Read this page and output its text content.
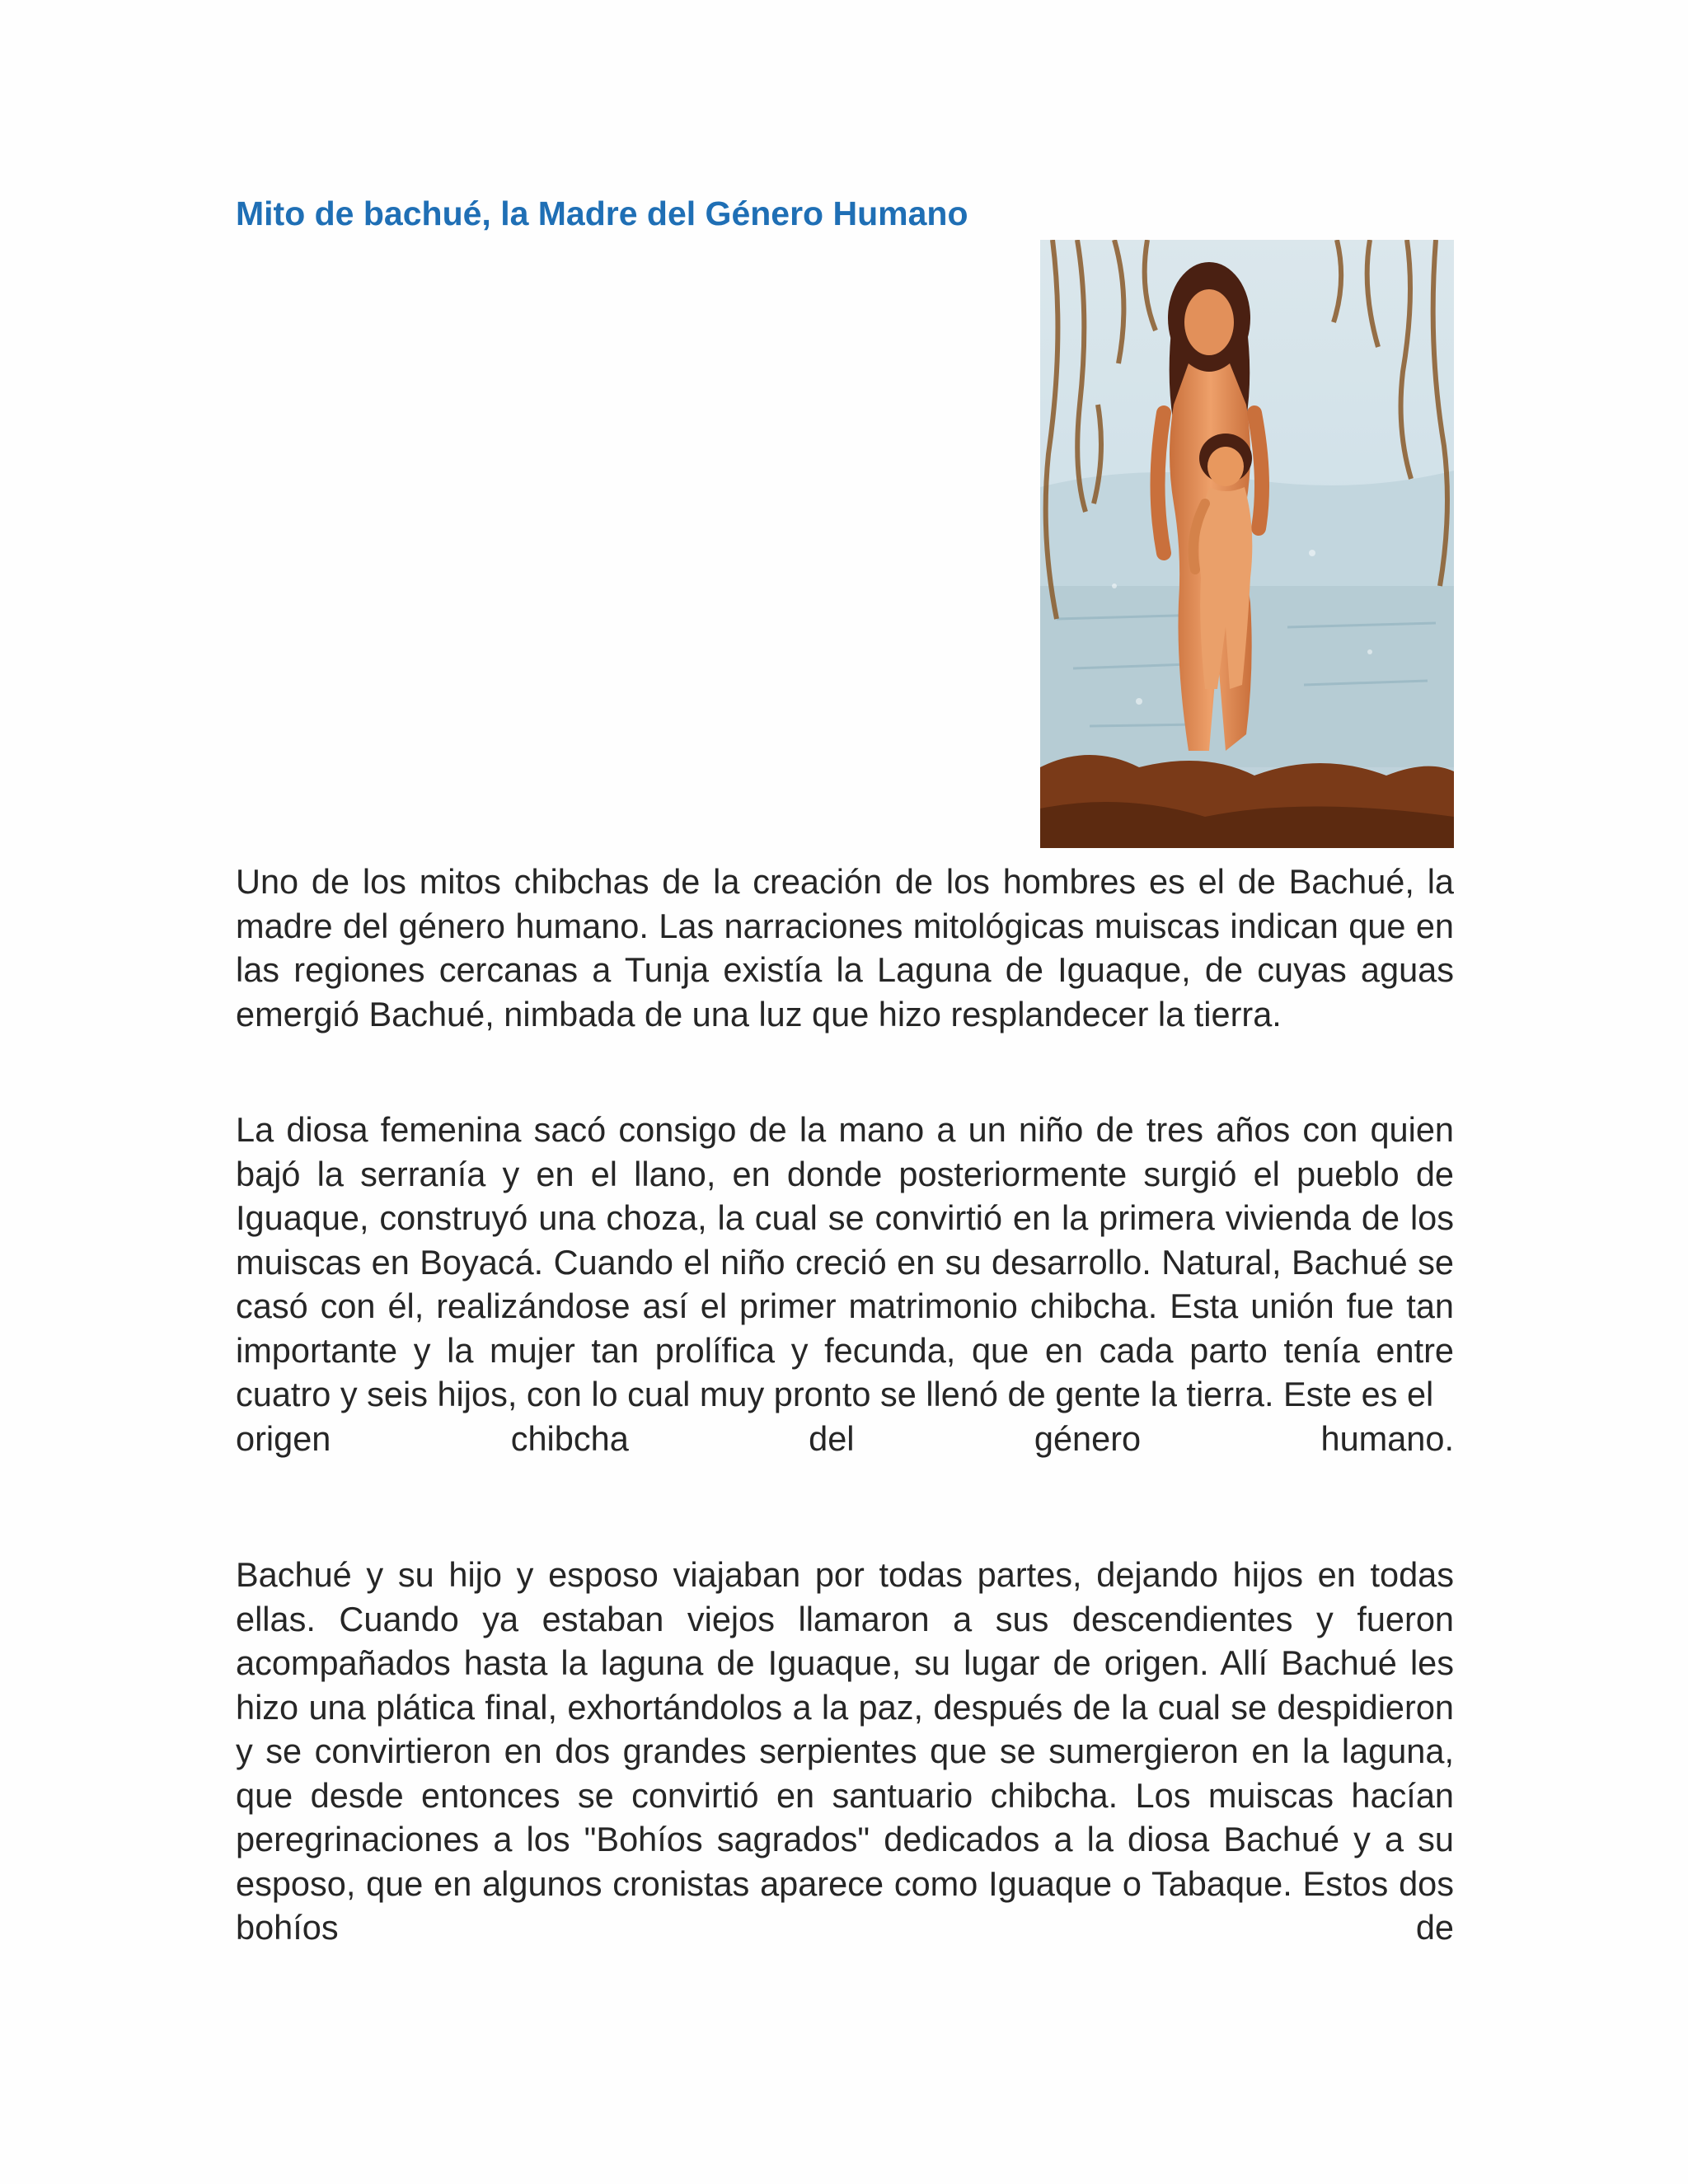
Mito de bachué, la Madre del Género Humano

Uno de los mitos chibchas de la creación de los hombres es el de Bachué, la madre del género humano. Las narraciones mitológicas muiscas indican que en las regiones cercanas a Tunja existía la Laguna de Iguaque, de cuyas aguas emergió Bachué, nimbada de una luz que hizo resplandecer la tierra.

La diosa femenina sacó consigo de la mano a un niño de tres años con quien bajó la serranía y en el llano, en donde posteriormente surgió el pueblo de Iguaque, construyó una choza, la cual se convirtió en la primera vivienda de los muiscas en Boyacá. Cuando el niño creció en su desarrollo. Natural, Bachué se casó con él, realizándose así el primer matrimonio chibcha. Esta unión fue tan importante y la mujer tan prolífica y fecunda, que en cada parto tenía entre cuatro y seis hijos, con lo cual muy pronto se llenó de gente la tierra. Este es el
origen chibcha del género humano.

Bachué y su hijo y esposo viajaban por todas partes, dejando hijos en todas ellas. Cuando ya estaban viejos llamaron a sus descendientes y fueron acompañados hasta la laguna de Iguaque, su lugar de origen. Allí Bachué les hizo una plática final, exhortándolos a la paz, después de la cual se despidieron y se convirtieron en dos grandes serpientes que se sumergieron en la laguna, que desde entonces se convirtió en santuario chibcha. Los muiscas hacían peregrinaciones a los "Bohíos sagrados" dedicados a la diosa Bachué y a su esposo, que en algunos cronistas aparece como Iguaque o Tabaque. Estos dos bohíos de
